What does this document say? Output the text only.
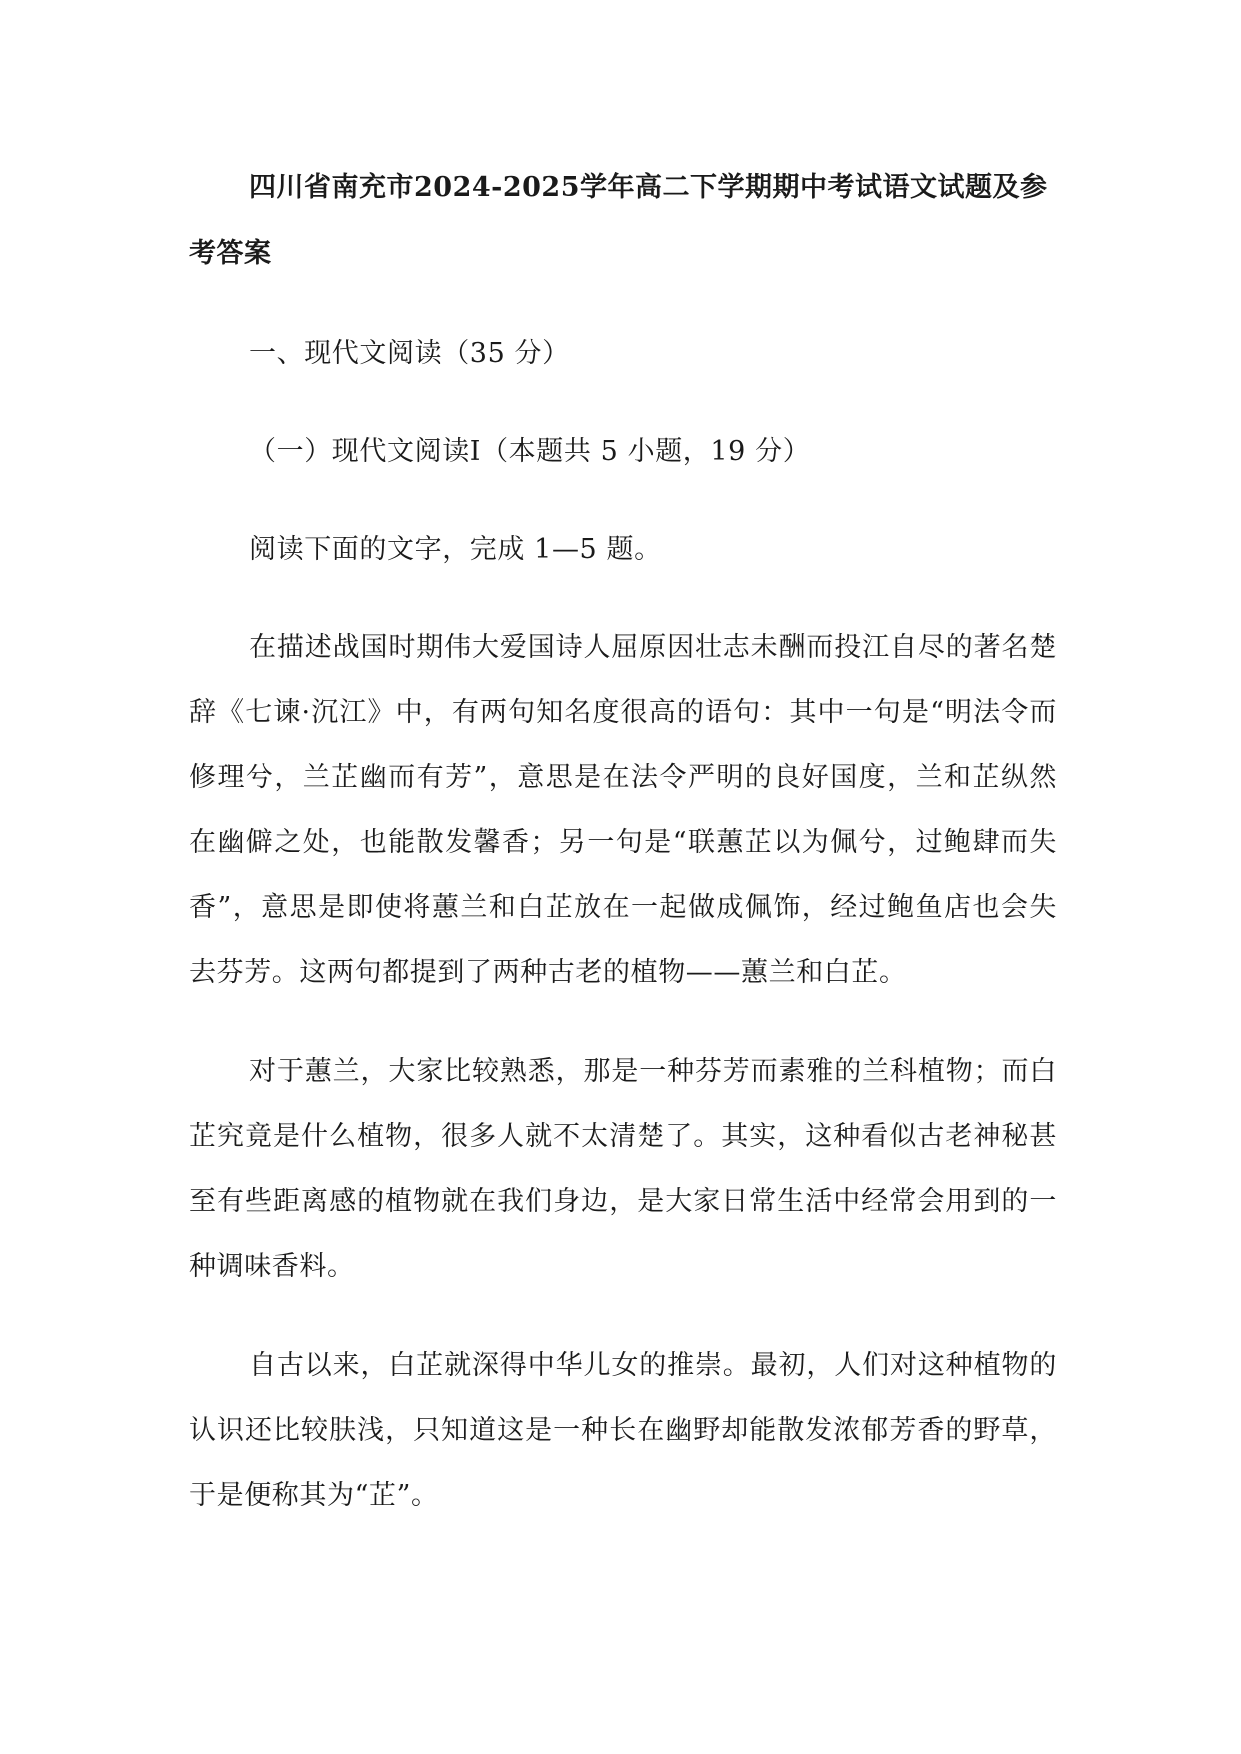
四川省南充市2024-2025学年高二下学期期中考试语文试题及参考答案

一、现代文阅读（35 分）

（一）现代文阅读Ⅰ（本题共 5 小题，19 分）

阅读下面的文字，完成 1—5 题。

在描述战国时期伟大爱国诗人屈原因壮志未酬而投江自尽的著名楚辞《七谏·沉江》中，有两句知名度很高的语句：其中一句是“明法令而修理兮，兰芷幽而有芳”，意思是在法令严明的良好国度，兰和芷纵然在幽僻之处，也能散发馨香；另一句是“联蕙芷以为佩兮，过鲍肆而失香”，意思是即使将蕙兰和白芷放在一起做成佩饰，经过鲍鱼店也会失去芬芳。这两句都提到了两种古老的植物——蕙兰和白芷。

对于蕙兰，大家比较熟悉，那是一种芬芳而素雅的兰科植物；而白芷究竟是什么植物，很多人就不太清楚了。其实，这种看似古老神秘甚至有些距离感的植物就在我们身边，是大家日常生活中经常会用到的一种调味香料。

自古以来，白芷就深得中华儿女的推崇。最初，人们对这种植物的认识还比较肤浅，只知道这是一种长在幽野却能散发浓郁芳香的野草，于是便称其为“芷”。
